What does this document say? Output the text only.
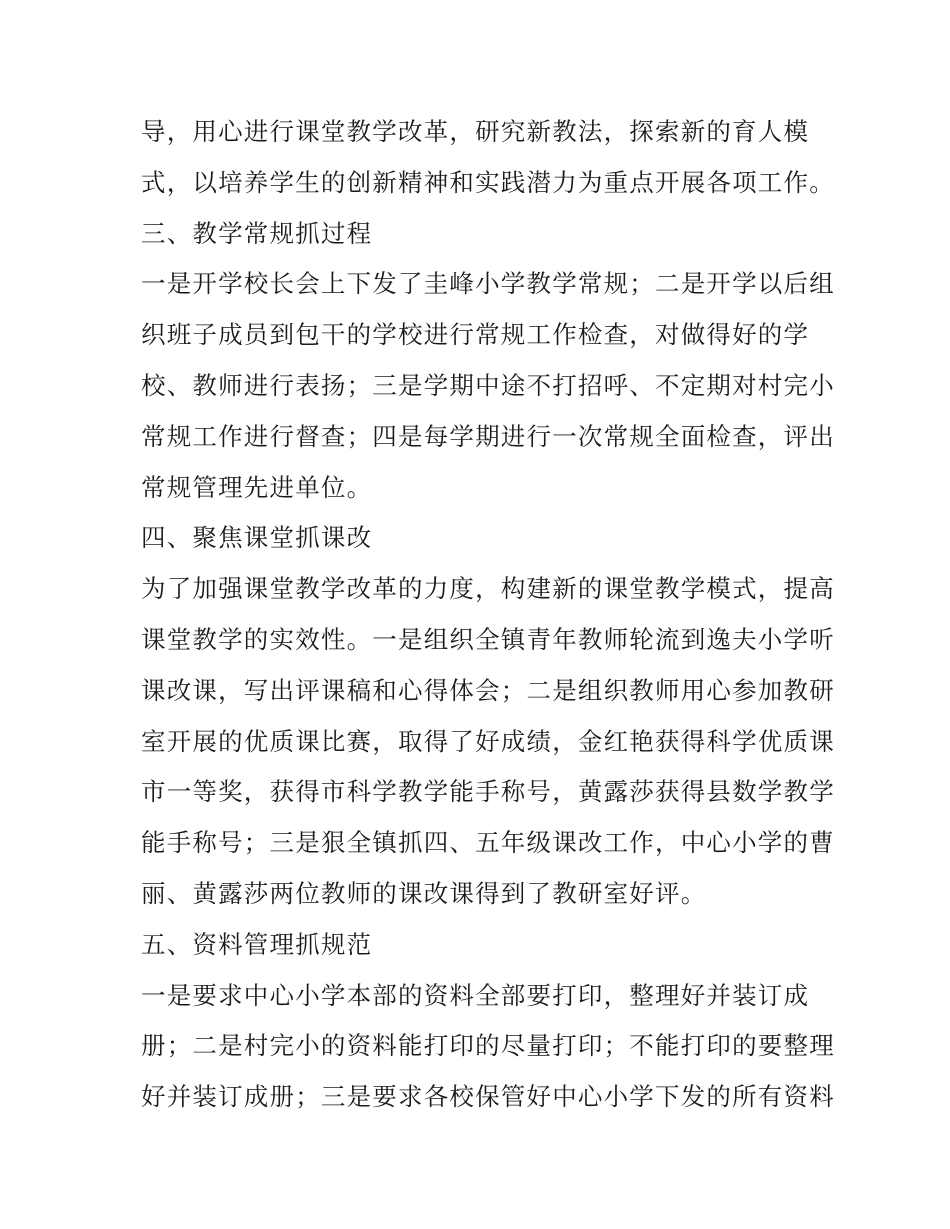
导，用心进行课堂教学改革，研究新教法，探索新的育人模
式，以培养学生的创新精神和实践潜力为重点开展各项工作。
三、教学常规抓过程
一是开学校长会上下发了圭峰小学教学常规；二是开学以后组
织班子成员到包干的学校进行常规工作检查，对做得好的学
校、教师进行表扬；三是学期中途不打招呼、不定期对村完小
常规工作进行督查；四是每学期进行一次常规全面检查，评出
常规管理先进单位。
四、聚焦课堂抓课改
为了加强课堂教学改革的力度，构建新的课堂教学模式，提高
课堂教学的实效性。一是组织全镇青年教师轮流到逸夫小学听
课改课，写出评课稿和心得体会；二是组织教师用心参加教研
室开展的优质课比赛，取得了好成绩，金红艳获得科学优质课
市一等奖，获得市科学教学能手称号，黄露莎获得县数学教学
能手称号；三是狠全镇抓四、五年级课改工作，中心小学的曹
丽、黄露莎两位教师的课改课得到了教研室好评。
五、资料管理抓规范
一是要求中心小学本部的资料全部要打印，整理好并装订成
册；二是村完小的资料能打印的尽量打印；不能打印的要整理
好并装订成册；三是要求各校保管好中心小学下发的所有资料
